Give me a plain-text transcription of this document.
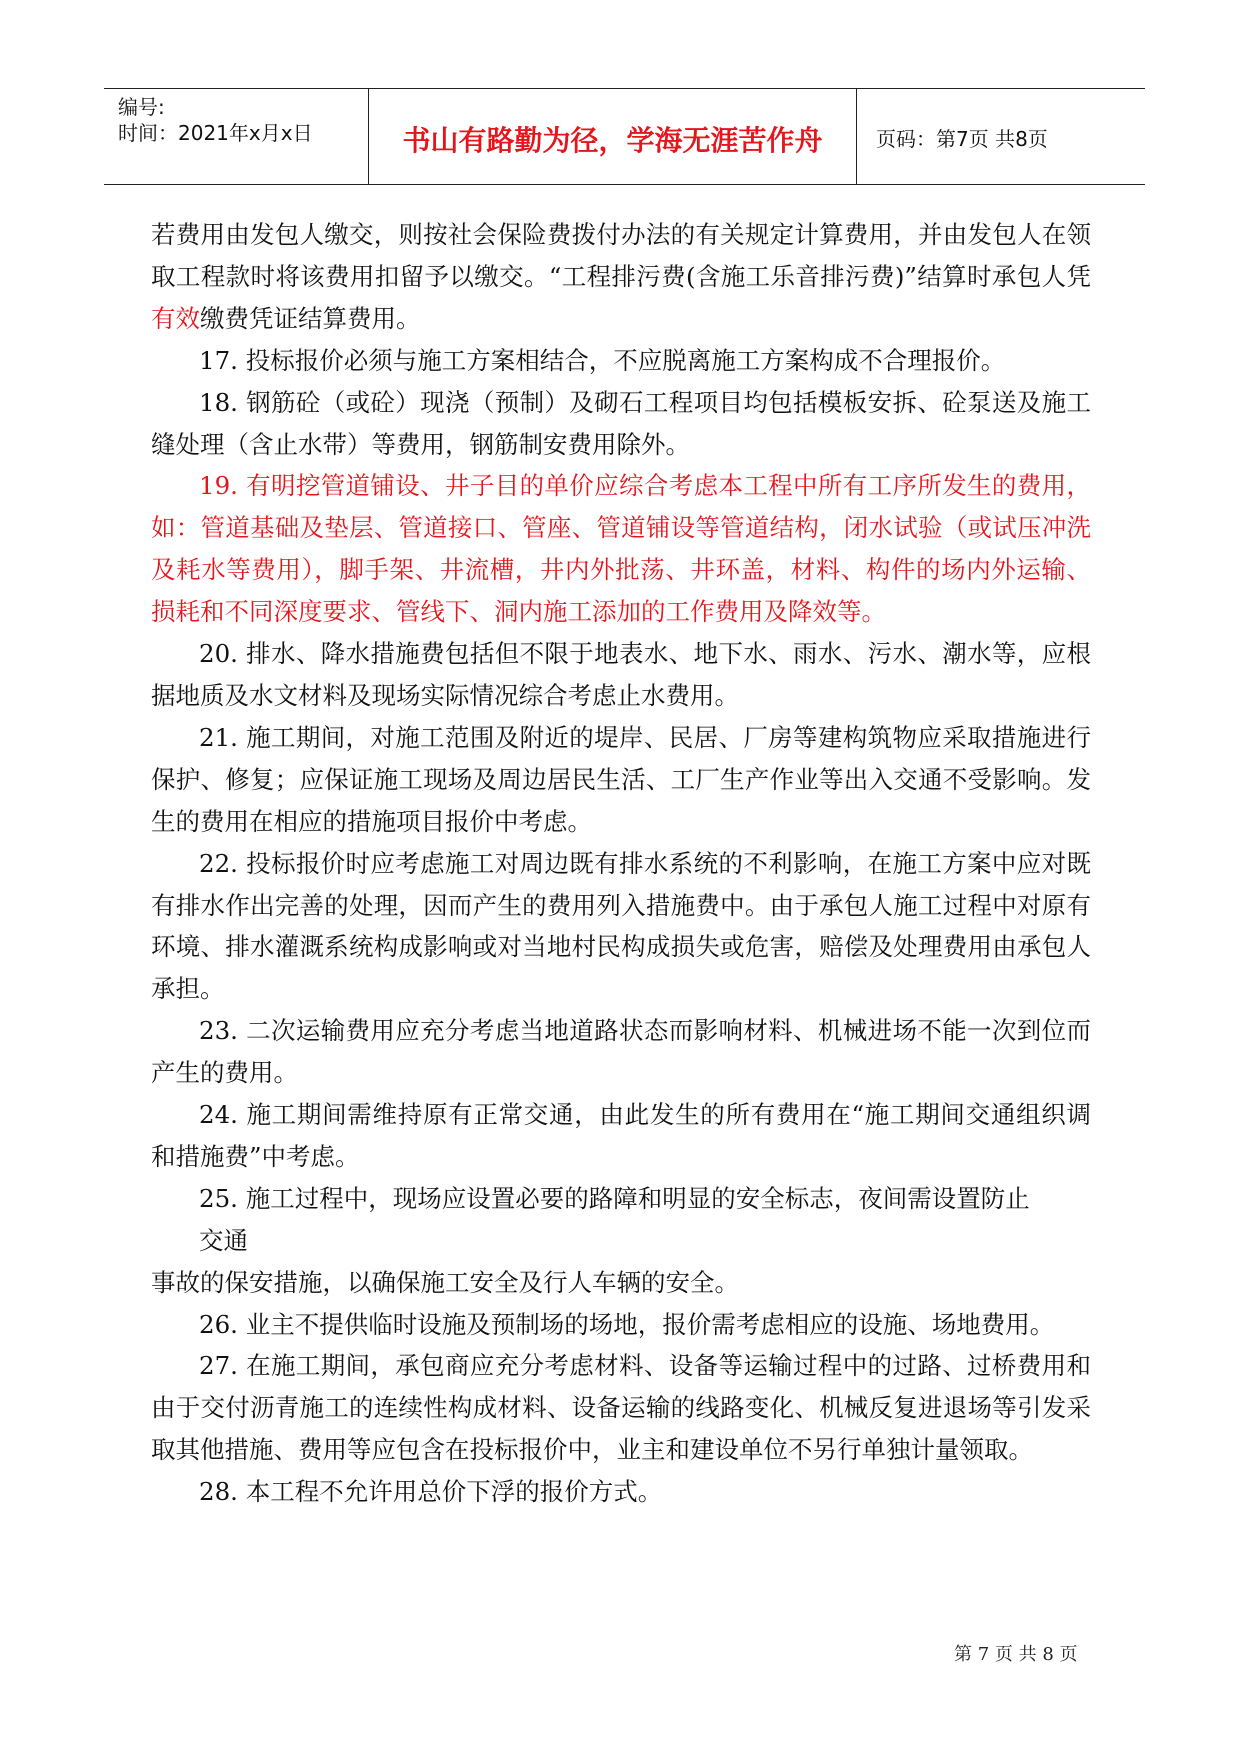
编号:
时间：2021年x月x日	书山有路勤为径，学海无涯苦作舟	页码：第7页 共8页

若费用由发包人缴交，则按社会保险费拨付办法的有关规定计算费用，并由发包人在领取工程款时将该费用扣留予以缴交。“工程排污费(含施工乐音排污费)”结算时承包人凭有效缴费凭证结算费用。

17. 投标报价必须与施工方案相结合，不应脱离施工方案构成不合理报价。

18. 钢筋砼（或砼）现浇（预制）及砌石工程项目均包括模板安拆、砼泵送及施工缝处理（含止水带）等费用，钢筋制安费用除外。

19. 有明挖管道铺设、井子目的单价应综合考虑本工程中所有工序所发生的费用，如：管道基础及垫层、管道接口、管座、管道铺设等管道结构，闭水试验（或试压冲洗及耗水等费用），脚手架、井流槽，井内外批荡、井环盖，材料、构件的场内外运输、损耗和不同深度要求、管线下、洞内施工添加的工作费用及降效等。

20. 排水、降水措施费包括但不限于地表水、地下水、雨水、污水、潮水等，应根据地质及水文材料及现场实际情况综合考虑止水费用。

21. 施工期间，对施工范围及附近的堤岸、民居、厂房等建构筑物应采取措施进行保护、修复；应保证施工现场及周边居民生活、工厂生产作业等出入交通不受影响。发生的费用在相应的措施项目报价中考虑。

22. 投标报价时应考虑施工对周边既有排水系统的不利影响，在施工方案中应对既有排水作出完善的处理，因而产生的费用列入措施费中。由于承包人施工过程中对原有环境、排水灌溉系统构成影响或对当地村民构成损失或危害，赔偿及处理费用由承包人承担。

23. 二次运输费用应充分考虑当地道路状态而影响材料、机械进场不能一次到位而产生的费用。

24. 施工期间需维持原有正常交通，由此发生的所有费用在“施工期间交通组织调和措施费”中考虑。

25. 施工过程中，现场应设置必要的路障和明显的安全标志，夜间需设置防止

交通

事故的保安措施，以确保施工安全及行人车辆的安全。

26. 业主不提供临时设施及预制场的场地，报价需考虑相应的设施、场地费用。

27. 在施工期间，承包商应充分考虑材料、设备等运输过程中的过路、过桥费用和由于交付沥青施工的连续性构成材料、设备运输的线路变化、机械反复进退场等引发采取其他措施、费用等应包含在投标报价中，业主和建设单位不另行单独计量领取。

28. 本工程不允许用总价下浮的报价方式。

第 7 页 共 8 页
